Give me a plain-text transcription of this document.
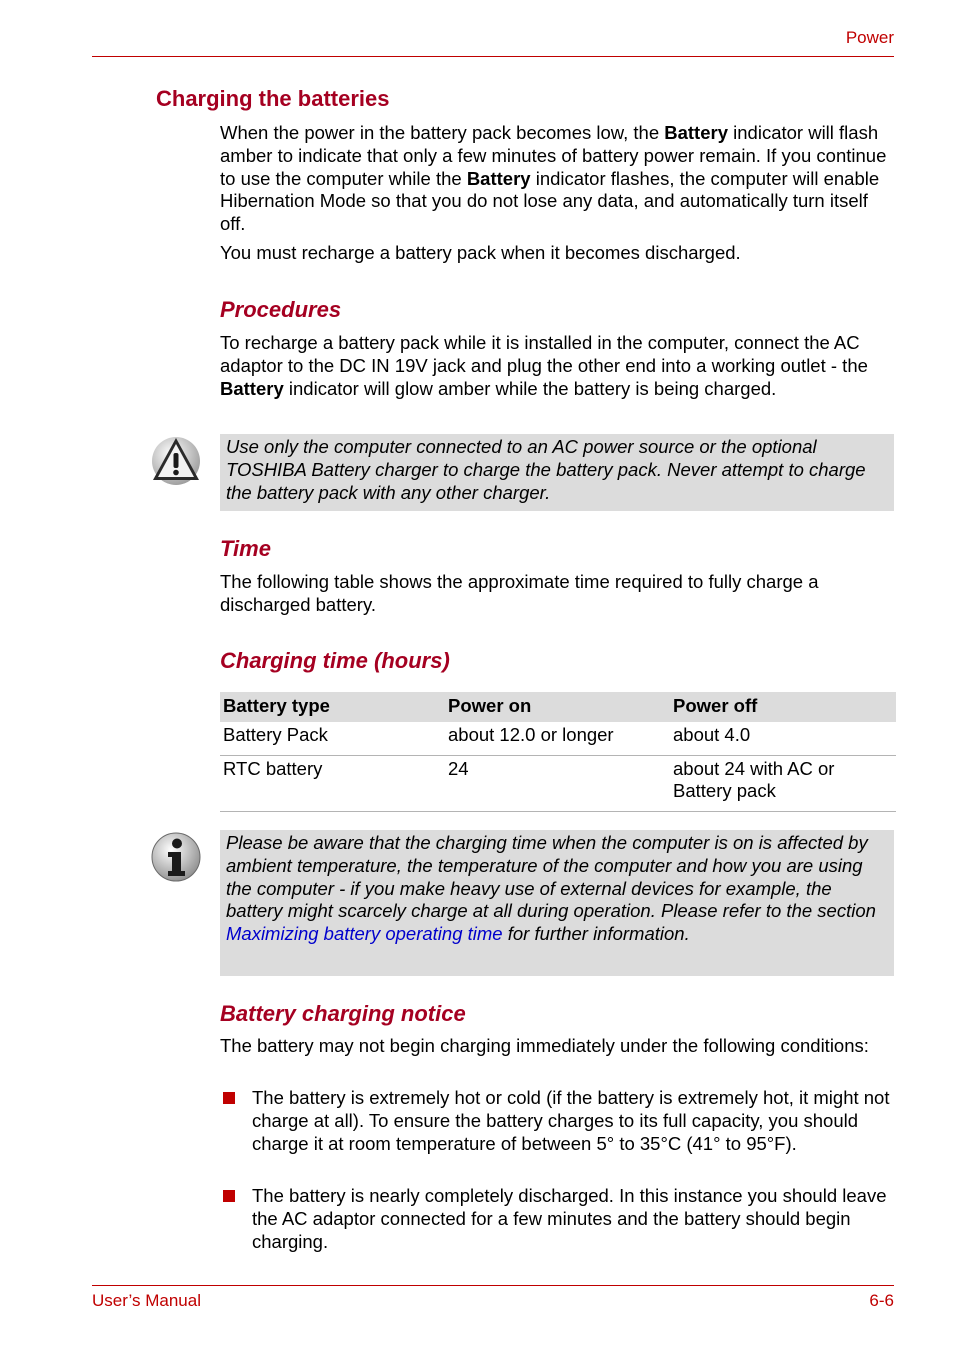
Power
Charging the batteries
When the power in the battery pack becomes low, the Battery indicator will flash amber to indicate that only a few minutes of battery power remain. If you continue to use the computer while the Battery indicator flashes, the computer will enable Hibernation Mode so that you do not lose any data, and automatically turn itself off.
You must recharge a battery pack when it becomes discharged.
Procedures
To recharge a battery pack while it is installed in the computer, connect the AC adaptor to the DC IN 19V jack and plug the other end into a working outlet - the Battery indicator will glow amber while the battery is being charged.
Use only the computer connected to an AC power source or the optional TOSHIBA Battery charger to charge the battery pack. Never attempt to charge the battery pack with any other charger.
Time
The following table shows the approximate time required to fully charge a discharged battery.
Charging time (hours)
Battery type	Power on	Power off
Battery Pack	about 12.0 or longer	about 4.0
RTC battery	24	about 24 with AC or Battery pack
Please be aware that the charging time when the computer is on is affected by ambient temperature, the temperature of the computer and how you are using the computer - if you make heavy use of external devices for example, the battery might scarcely charge at all during operation. Please refer to the section Maximizing battery operating time for further information.
Battery charging notice
The battery may not begin charging immediately under the following conditions:
The battery is extremely hot or cold (if the battery is extremely hot, it might not charge at all). To ensure the battery charges to its full capacity, you should charge it at room temperature of between 5° to 35°C (41° to 95°F).
The battery is nearly completely discharged. In this instance you should leave the AC adaptor connected for a few minutes and the battery should begin charging.
User’s Manual	6-6
